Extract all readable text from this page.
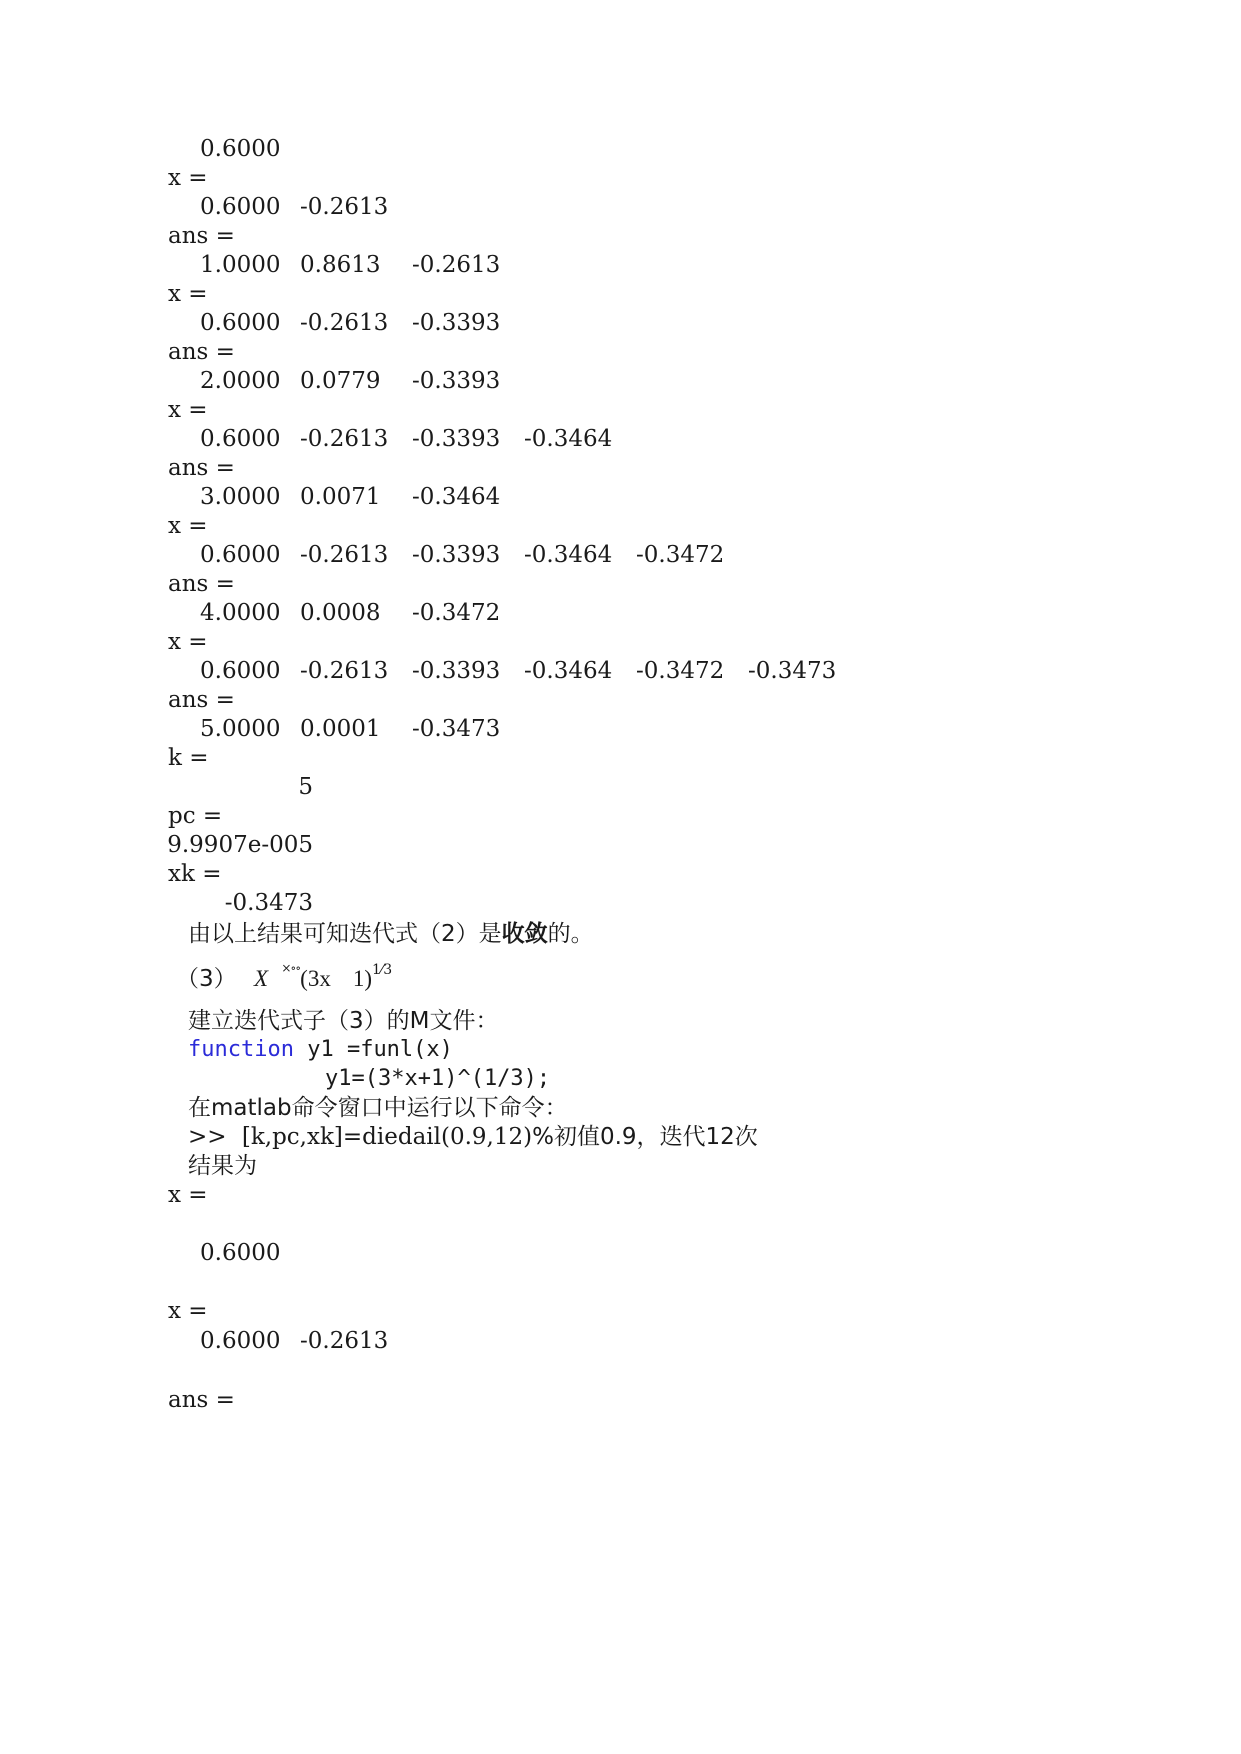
0.6000
x =
0.6000 -0.2613
ans =
1.0000 0.8613 -0.2613
x =
0.6000 -0.2613 -0.3393
ans =
2.0000 0.0779 -0.3393
x =
0.6000 -0.2613 -0.3393 -0.3464
ans =
3.0000 0.0071 -0.3464
x =
0.6000 -0.2613 -0.3393 -0.3464 -0.3472
ans =
4.0000 0.0008 -0.3472
x =
0.6000 -0.2613 -0.3393 -0.3464 -0.3472 -0.3473
ans =
5.0000 0.0001 -0.3473
k =
5
pc =
9.9907e-005
xk =
-0.3473
由以上结果可知迭代式（2）是收敛的。
（3） X ×∘∘(3x 1)$^{1⁄3}$
建立迭代式子（3）的M文件：
function y1 =funl(x)
y1=(3*x+1)^(1/3);
在matlab命令窗口中运行以下命令：
>> [k,pc,xk]=diedail(0.9,12)%初值0.9，迭代12次
结果为
x =
0.6000
x =
0.6000 -0.2613
ans =
